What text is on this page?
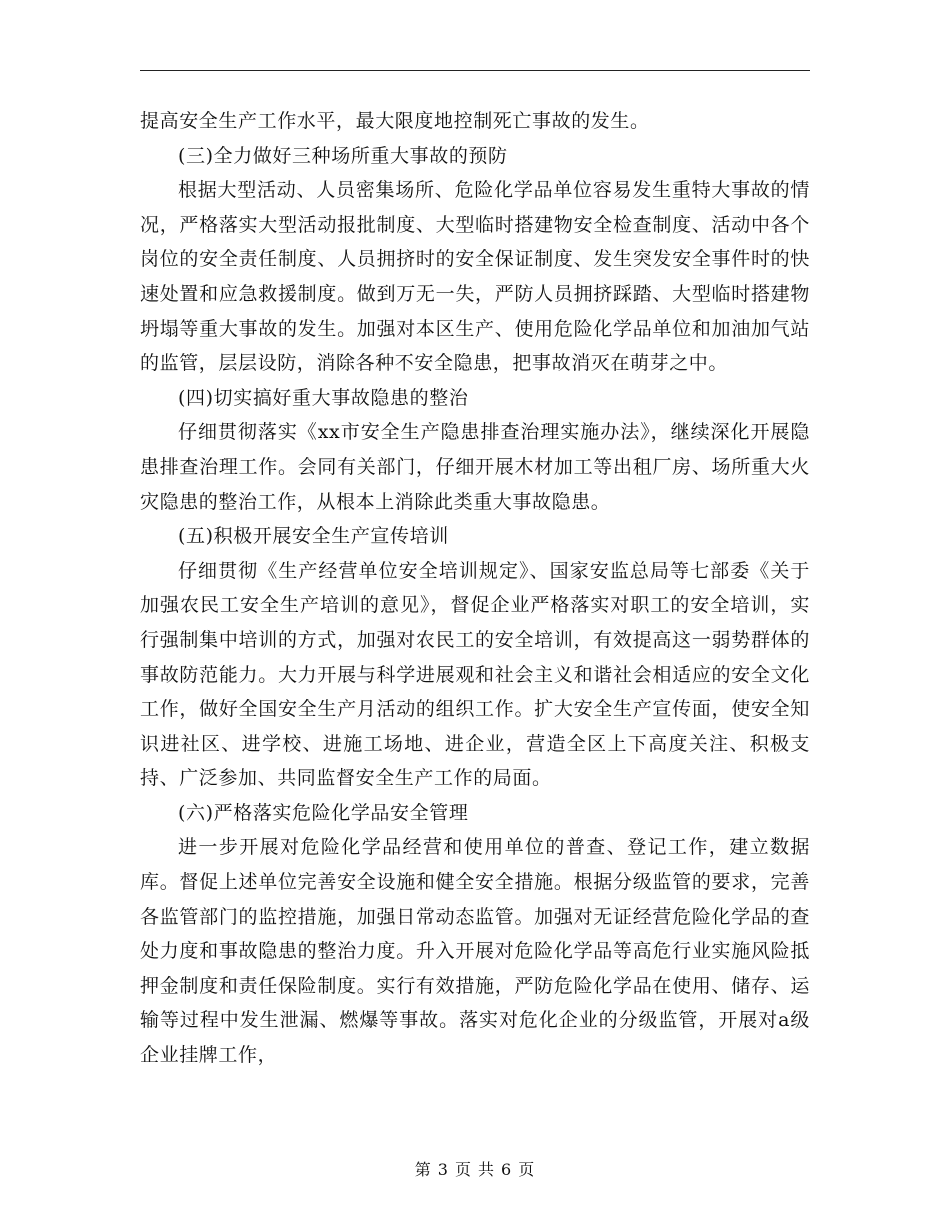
提高安全生产工作水平，最大限度地控制死亡事故的发生。

(三)全力做好三种场所重大事故的预防

根据大型活动、人员密集场所、危险化学品单位容易发生重特大事故的情况，严格落实大型活动报批制度、大型临时搭建物安全检查制度、活动中各个岗位的安全责任制度、人员拥挤时的安全保证制度、发生突发安全事件时的快速处置和应急救援制度。做到万无一失，严防人员拥挤踩踏、大型临时搭建物坍塌等重大事故的发生。加强对本区生产、使用危险化学品单位和加油加气站的监管，层层设防，消除各种不安全隐患，把事故消灭在萌芽之中。

(四)切实搞好重大事故隐患的整治

仔细贯彻落实《xx市安全生产隐患排查治理实施办法》，继续深化开展隐患排查治理工作。会同有关部门，仔细开展木材加工等出租厂房、场所重大火灾隐患的整治工作，从根本上消除此类重大事故隐患。

(五)积极开展安全生产宣传培训

仔细贯彻《生产经营单位安全培训规定》、国家安监总局等七部委《关于加强农民工安全生产培训的意见》，督促企业严格落实对职工的安全培训，实行强制集中培训的方式，加强对农民工的安全培训，有效提高这一弱势群体的事故防范能力。大力开展与科学进展观和社会主义和谐社会相适应的安全文化工作，做好全国安全生产月活动的组织工作。扩大安全生产宣传面，使安全知识进社区、进学校、进施工场地、进企业，营造全区上下高度关注、积极支持、广泛参加、共同监督安全生产工作的局面。

(六)严格落实危险化学品安全管理

进一步开展对危险化学品经营和使用单位的普查、登记工作，建立数据库。督促上述单位完善安全设施和健全安全措施。根据分级监管的要求，完善各监管部门的监控措施，加强日常动态监管。加强对无证经营危险化学品的查处力度和事故隐患的整治力度。升入开展对危险化学品等高危行业实施风险抵押金制度和责任保险制度。实行有效措施，严防危险化学品在使用、储存、运输等过程中发生泄漏、燃爆等事故。落实对危化企业的分级监管，开展对a级企业挂牌工作，

第 3 页 共 6 页
